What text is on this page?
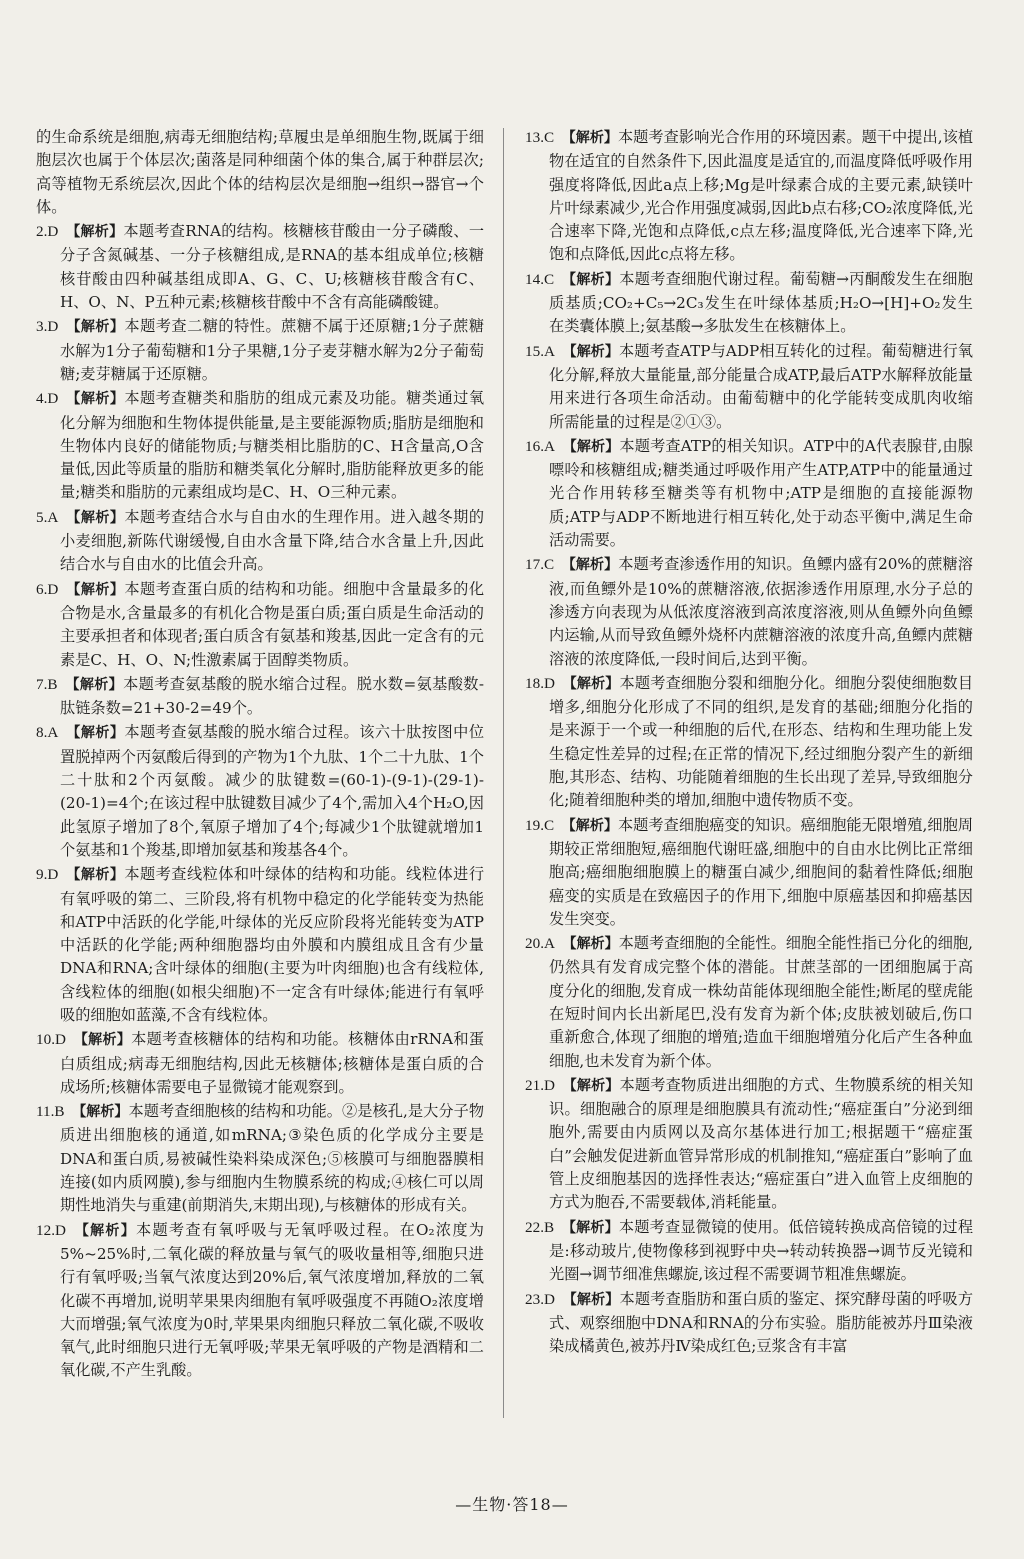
的生命系统是细胞,病毒无细胞结构;草履虫是单细胞生物,既属于细胞层次也属于个体层次;菌落是同种细菌个体的集合,属于种群层次;高等植物无系统层次,因此个体的结构层次是细胞→组织→器官→个体。
2.D  【解析】本题考查RNA的结构。核糖核苷酸由一分子磷酸、一分子含氮碱基、一分子核糖组成,是RNA的基本组成单位;核糖核苷酸由四种碱基组成即A、G、C、U;核糖核苷酸含有C、H、O、N、P五种元素;核糖核苷酸中不含有高能磷酸键。
3.D  【解析】本题考查二糖的特性。蔗糖不属于还原糖;1分子蔗糖水解为1分子葡萄糖和1分子果糖,1分子麦芽糖水解为2分子葡萄糖;麦芽糖属于还原糖。
4.D  【解析】本题考查糖类和脂肪的组成元素及功能。糖类通过氧化分解为细胞和生物体提供能量,是主要能源物质;脂肪是细胞和生物体内良好的储能物质;与糖类相比脂肪的C、H含量高,O含量低,因此等质量的脂肪和糖类氧化分解时,脂肪能释放更多的能量;糖类和脂肪的元素组成均是C、H、O三种元素。
5.A  【解析】本题考查结合水与自由水的生理作用。进入越冬期的小麦细胞,新陈代谢缓慢,自由水含量下降,结合水含量上升,因此结合水与自由水的比值会升高。
6.D  【解析】本题考查蛋白质的结构和功能。细胞中含量最多的化合物是水,含量最多的有机化合物是蛋白质;蛋白质是生命活动的主要承担者和体现者;蛋白质含有氨基和羧基,因此一定含有的元素是C、H、O、N;性激素属于固醇类物质。
7.B  【解析】本题考查氨基酸的脱水缩合过程。脱水数=氨基酸数-肽链条数=21+30-2=49个。
8.A  【解析】本题考查氨基酸的脱水缩合过程。该六十肽按图中位置脱掉两个丙氨酸后得到的产物为1个九肽、1个二十九肽、1个二十肽和2个丙氨酸。减少的肽键数=(60-1)-(9-1)-(29-1)-(20-1)=4个;在该过程中肽键数目减少了4个,需加入4个H₂O,因此氢原子增加了8个,氧原子增加了4个;每减少1个肽键就增加1个氨基和1个羧基,即增加氨基和羧基各4个。
9.D  【解析】本题考查线粒体和叶绿体的结构和功能。线粒体进行有氧呼吸的第二、三阶段,将有机物中稳定的化学能转变为热能和ATP中活跃的化学能,叶绿体的光反应阶段将光能转变为ATP中活跃的化学能;两种细胞器均由外膜和内膜组成且含有少量DNA和RNA;含叶绿体的细胞(主要为叶肉细胞)也含有线粒体,含线粒体的细胞(如根尖细胞)不一定含有叶绿体;能进行有氧呼吸的细胞如蓝藻,不含有线粒体。
10.D  【解析】本题考查核糖体的结构和功能。核糖体由rRNA和蛋白质组成;病毒无细胞结构,因此无核糖体;核糖体是蛋白质的合成场所;核糖体需要电子显微镜才能观察到。
11.B  【解析】本题考查细胞核的结构和功能。②是核孔,是大分子物质进出细胞核的通道,如mRNA;③染色质的化学成分主要是DNA和蛋白质,易被碱性染料染成深色;⑤核膜可与细胞器膜相连接(如内质网膜),参与细胞内生物膜系统的构成;④核仁可以周期性地消失与重建(前期消失,末期出现),与核糖体的形成有关。
12.D  【解析】本题考查有氧呼吸与无氧呼吸过程。在O₂浓度为5%~25%时,二氧化碳的释放量与氧气的吸收量相等,细胞只进行有氧呼吸;当氧气浓度达到20%后,氧气浓度增加,释放的二氧化碳不再增加,说明苹果果肉细胞有氧呼吸强度不再随O₂浓度增大而增强;氧气浓度为0时,苹果果肉细胞只释放二氧化碳,不吸收氧气,此时细胞只进行无氧呼吸;苹果无氧呼吸的产物是酒精和二氧化碳,不产生乳酸。
13.C  【解析】本题考查影响光合作用的环境因素。题干中提出,该植物在适宜的自然条件下,因此温度是适宜的,而温度降低呼吸作用强度将降低,因此a点上移;Mg是叶绿素合成的主要元素,缺镁叶片叶绿素减少,光合作用强度减弱,因此b点右移;CO₂浓度降低,光合速率下降,光饱和点降低,c点左移;温度降低,光合速率下降,光饱和点降低,因此c点将左移。
14.C  【解析】本题考查细胞代谢过程。葡萄糖→丙酮酸发生在细胞质基质;CO₂+C₅→2C₃发生在叶绿体基质;H₂O→[H]+O₂发生在类囊体膜上;氨基酸→多肽发生在核糖体上。
15.A  【解析】本题考查ATP与ADP相互转化的过程。葡萄糖进行氧化分解,释放大量能量,部分能量合成ATP,最后ATP水解释放能量用来进行各项生命活动。由葡萄糖中的化学能转变成肌肉收缩所需能量的过程是②①③。
16.A  【解析】本题考查ATP的相关知识。ATP中的A代表腺苷,由腺嘌呤和核糖组成;糖类通过呼吸作用产生ATP,ATP中的能量通过光合作用转移至糖类等有机物中;ATP是细胞的直接能源物质;ATP与ADP不断地进行相互转化,处于动态平衡中,满足生命活动需要。
17.C  【解析】本题考查渗透作用的知识。鱼鳔内盛有20%的蔗糖溶液,而鱼鳔外是10%的蔗糖溶液,依据渗透作用原理,水分子总的渗透方向表现为从低浓度溶液到高浓度溶液,则从鱼鳔外向鱼鳔内运输,从而导致鱼鳔外烧杯内蔗糖溶液的浓度升高,鱼鳔内蔗糖溶液的浓度降低,一段时间后,达到平衡。
18.D  【解析】本题考查细胞分裂和细胞分化。细胞分裂使细胞数目增多,细胞分化形成了不同的组织,是发育的基础;细胞分化指的是来源于一个或一种细胞的后代,在形态、结构和生理功能上发生稳定性差异的过程;在正常的情况下,经过细胞分裂产生的新细胞,其形态、结构、功能随着细胞的生长出现了差异,导致细胞分化;随着细胞种类的增加,细胞中遗传物质不变。
19.C  【解析】本题考查细胞癌变的知识。癌细胞能无限增殖,细胞周期较正常细胞短,癌细胞代谢旺盛,细胞中的自由水比例比正常细胞高;癌细胞细胞膜上的糖蛋白减少,细胞间的黏着性降低;细胞癌变的实质是在致癌因子的作用下,细胞中原癌基因和抑癌基因发生突变。
20.A  【解析】本题考查细胞的全能性。细胞全能性指已分化的细胞,仍然具有发育成完整个体的潜能。甘蔗茎部的一团细胞属于高度分化的细胞,发育成一株幼苗能体现细胞全能性;断尾的壁虎能在短时间内长出新尾巴,没有发育为新个体;皮肤被划破后,伤口重新愈合,体现了细胞的增殖;造血干细胞增殖分化后产生各种血细胞,也未发育为新个体。
21.D  【解析】本题考查物质进出细胞的方式、生物膜系统的相关知识。细胞融合的原理是细胞膜具有流动性;“癌症蛋白”分泌到细胞外,需要由内质网以及高尔基体进行加工;根据题干“癌症蛋白”会触发促进新血管异常形成的机制推知,“癌症蛋白”影响了血管上皮细胞基因的选择性表达;“癌症蛋白”进入血管上皮细胞的方式为胞吞,不需要载体,消耗能量。
22.B  【解析】本题考查显微镜的使用。低倍镜转换成高倍镜的过程是:移动玻片,使物像移到视野中央→转动转换器→调节反光镜和光圈→调节细准焦螺旋,该过程不需要调节粗准焦螺旋。
23.D  【解析】本题考查脂肪和蛋白质的鉴定、探究酵母菌的呼吸方式、观察细胞中DNA和RNA的分布实验。脂肪能被苏丹Ⅲ染液染成橘黄色,被苏丹Ⅳ染成红色;豆浆含有丰富
—生物·答18—
